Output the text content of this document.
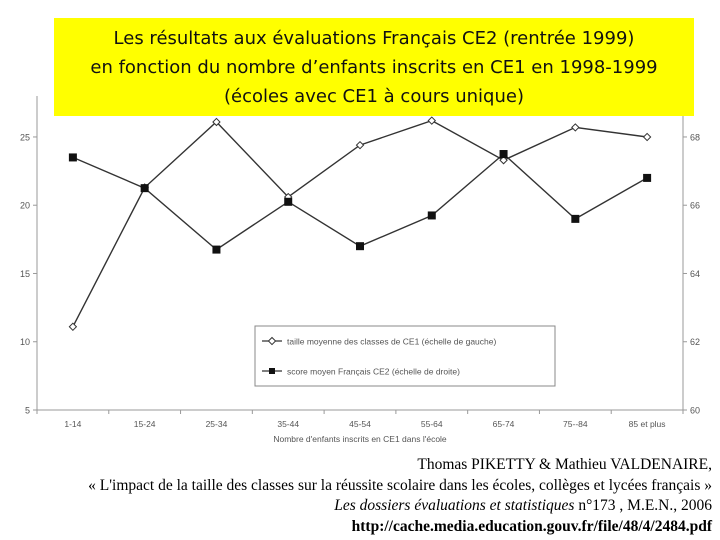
5
10
15
20
25
60
62
64
66
68
1-14	15-24	25-34	35-44	45-54	55-64	65-74	75--84	85 et plus
taille moyenne des classes de CE1 (échelle de gauche)
score moyen Français CE2 (échelle de droite)
Nombre d'enfants inscrits en CE1 dans l'école
Les résultats aux évaluations Français CE2 (rentrée 1999)
en fonction du nombre d’enfants inscrits en CE1 en 1998-1999
(écoles avec CE1 à cours unique)
Thomas PIKETTY & Mathieu VALDENAIRE,
« L'impact de la taille des classes sur la réussite scolaire dans les écoles, collèges et lycées français »
Les dossiers évaluations et statistiques n°173 , M.E.N., 2006
http://cache.media.education.gouv.fr/file/48/4/2484.pdf
